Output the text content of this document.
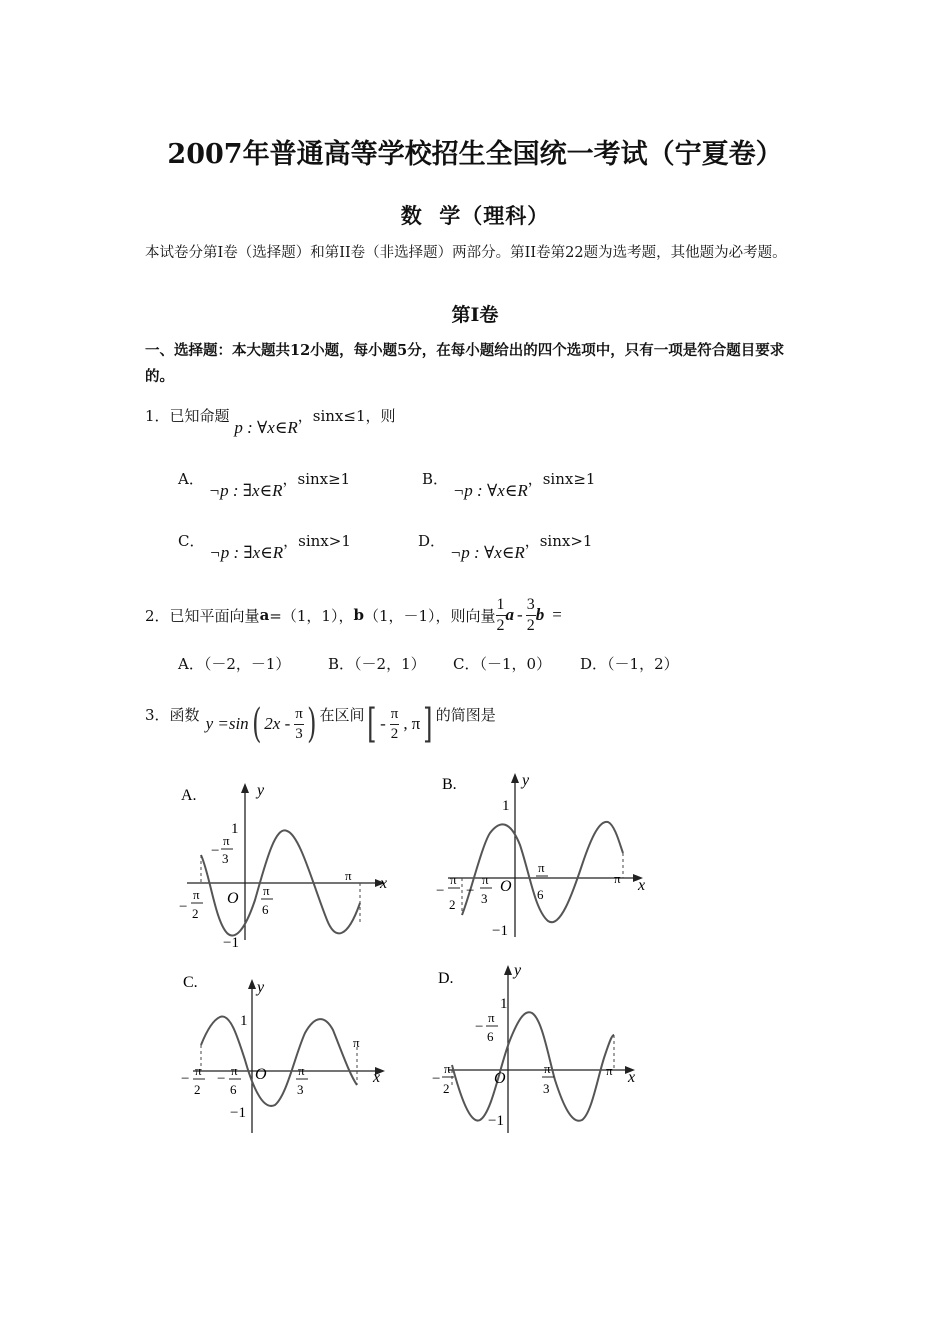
2007年普通高等学校招生全国统一考试（宁夏卷）
数  学（理科）
本试卷分第I卷（选择题）和第II卷（非选择题）两部分。第II卷第22题为选考题，其他题为必考题。
第I卷
一、选择题：本大题共12小题，每小题5分，在每小题给出的四个选项中，只有一项是符合题目要求的。
1．已知命题 p : ∀x∈R，sinx≤1，则
A． ¬p : ∃x∈R，sinx≥1	B． ¬p : ∀x∈R，sinx≥1
C． ¬p : ∃x∈R，sinx>1	D． ¬p : ∀x∈R，sinx>1
2． 已知平面向量 a =（1，1）， b （1，－1），则向量 $\frac{1}{2}$ a - $\frac{3}{2}$ b =
A．（－2，－1）	B．（－2，1） C．（－1，0） D．（－1，2）
3． 函数 y =sin ( $2x - \frac{\pi}{3}$ ) 在区间 [ - $\frac{\pi}{2}$ , π ] 的简图是
A.
x
y
1
−1
O
π
−
π
3
−
π
2
π
6
B.
x
y
1
−1
O	π
−
π
2
−
π
3
π
6
C.
x
y
1
−1
O
π
−
π
2
−
π
6
π
3
D.
x
y
1
−1
O	π
−
π
6
−
π
2
π
3
